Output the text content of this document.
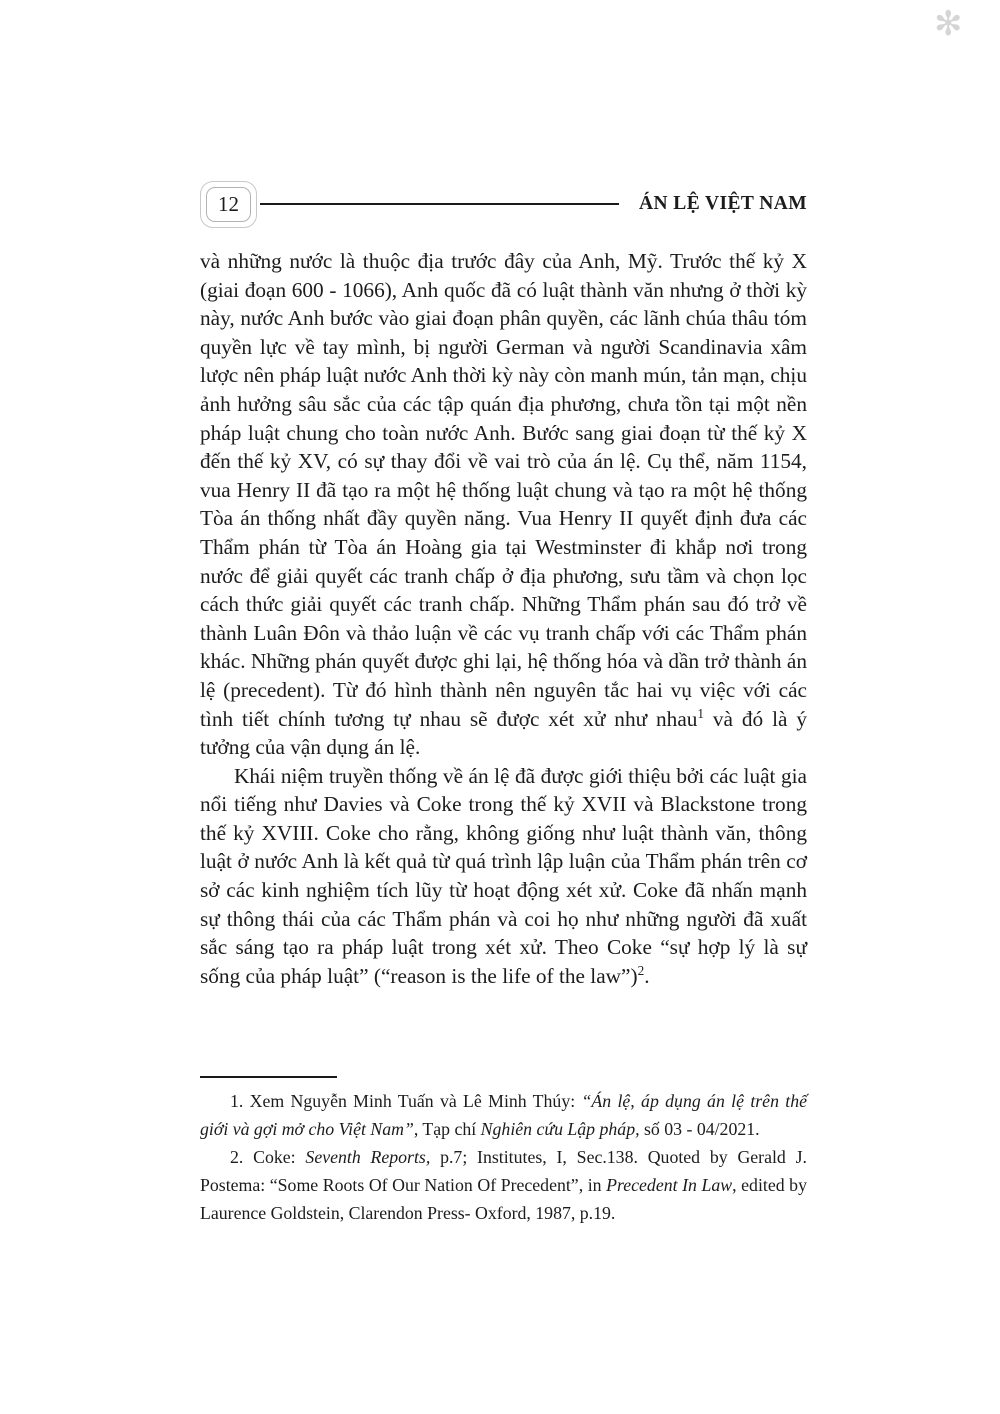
✻
12	ÁN LỆ VIỆT NAM

và những nước là thuộc địa trước đây của Anh, Mỹ. Trước thế kỷ X (giai đoạn 600 - 1066), Anh quốc đã có luật thành văn nhưng ở thời kỳ này, nước Anh bước vào giai đoạn phân quyền, các lãnh chúa thâu tóm quyền lực về tay mình, bị người German và người Scandinavia xâm lược nên pháp luật nước Anh thời kỳ này còn manh mún, tản mạn, chịu ảnh hưởng sâu sắc của các tập quán địa phương, chưa tồn tại một nền pháp luật chung cho toàn nước Anh. Bước sang giai đoạn từ thế kỷ X đến thế kỷ XV, có sự thay đổi về vai trò của án lệ. Cụ thể, năm 1154, vua Henry II đã tạo ra một hệ thống luật chung và tạo ra một hệ thống Tòa án thống nhất đầy quyền năng. Vua Henry II quyết định đưa các Thẩm phán từ Tòa án Hoàng gia tại Westminster đi khắp nơi trong nước để giải quyết các tranh chấp ở địa phương, sưu tầm và chọn lọc cách thức giải quyết các tranh chấp. Những Thẩm phán sau đó trở về thành Luân Đôn và thảo luận về các vụ tranh chấp với các Thẩm phán khác. Những phán quyết được ghi lại, hệ thống hóa và dần trở thành án lệ (precedent). Từ đó hình thành nên nguyên tắc hai vụ việc với các tình tiết chính tương tự nhau sẽ được xét xử như nhau$^1$ và đó là ý tưởng của vận dụng án lệ.

Khái niệm truyền thống về án lệ đã được giới thiệu bởi các luật gia nổi tiếng như Davies và Coke trong thế kỷ XVII và Blackstone trong thế kỷ XVIII. Coke cho rằng, không giống như luật thành văn, thông luật ở nước Anh là kết quả từ quá trình lập luận của Thẩm phán trên cơ sở các kinh nghiệm tích lũy từ hoạt động xét xử. Coke đã nhấn mạnh sự thông thái của các Thẩm phán và coi họ như những người đã xuất sắc sáng tạo ra pháp luật trong xét xử. Theo Coke “sự hợp lý là sự sống của pháp luật” (“reason is the life of the law”)$^2$.

1. Xem Nguyễn Minh Tuấn và Lê Minh Thúy: “Án lệ, áp dụng án lệ trên thế giới và gợi mở cho Việt Nam”, Tạp chí Nghiên cứu Lập pháp, số 03 - 04/2021.

2. Coke: Seventh Reports, p.7; Institutes, I, Sec.138. Quoted by Gerald J. Postema: “Some Roots Of Our Nation Of Precedent”, in Precedent In Law, edited by Laurence Goldstein, Clarendon Press- Oxford, 1987, p.19.
